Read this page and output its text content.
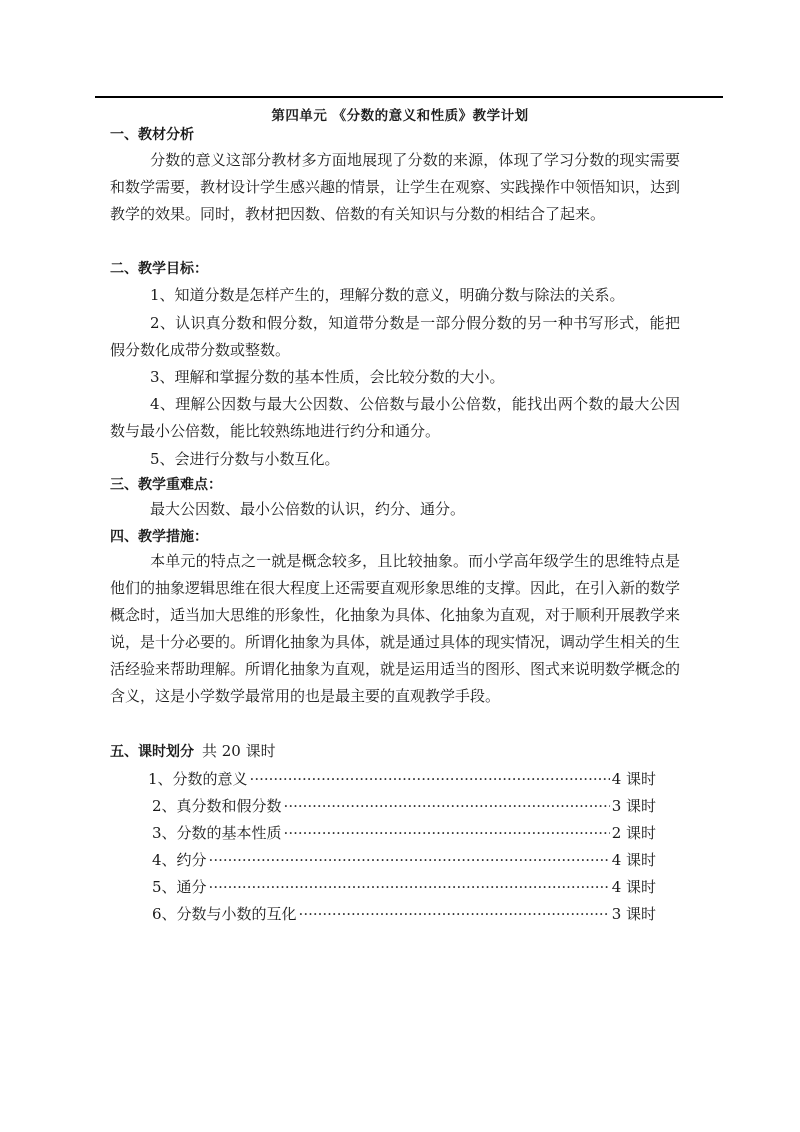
第四单元 《分数的意义和性质》教学计划
一、教材分析
分数的意义这部分教材多方面地展现了分数的来源，体现了学习分数的现实需要和数学需要，教材设计学生感兴趣的情景，让学生在观察、实践操作中领悟知识，达到教学的效果。同时，教材把因数、倍数的有关知识与分数的相结合了起来。
二、教学目标：
1、知道分数是怎样产生的，理解分数的意义，明确分数与除法的关系。
2、认识真分数和假分数，知道带分数是一部分假分数的另一种书写形式，能把假分数化成带分数或整数。
3、理解和掌握分数的基本性质，会比较分数的大小。
4、理解公因数与最大公因数、公倍数与最小公倍数，能找出两个数的最大公因数与最小公倍数，能比较熟练地进行约分和通分。
5、会进行分数与小数互化。
三、教学重难点：
最大公因数、最小公倍数的认识，约分、通分。
四、教学措施：
本单元的特点之一就是概念较多，且比较抽象。而小学高年级学生的思维特点是他们的抽象逻辑思维在很大程度上还需要直观形象思维的支撑。因此，在引入新的数学概念时，适当加大思维的形象性，化抽象为具体、化抽象为直观，对于顺利开展教学来说，是十分必要的。所谓化抽象为具体，就是通过具体的现实情况，调动学生相关的生活经验来帮助理解。所谓化抽象为直观，就是运用适当的图形、图式来说明数学概念的含义，这是小学数学最常用的也是最主要的直观教学手段。
五、课时划分 共 20 课时
1、分数的意义 ·····	4 课时
2、真分数和假分数 ·····	3 课时
3、分数的基本性质 ·····	2 课时
4、约分 ·····	4 课时
5、通分 ·····	4 课时
6、分数与小数的互化 ·····	3 课时
